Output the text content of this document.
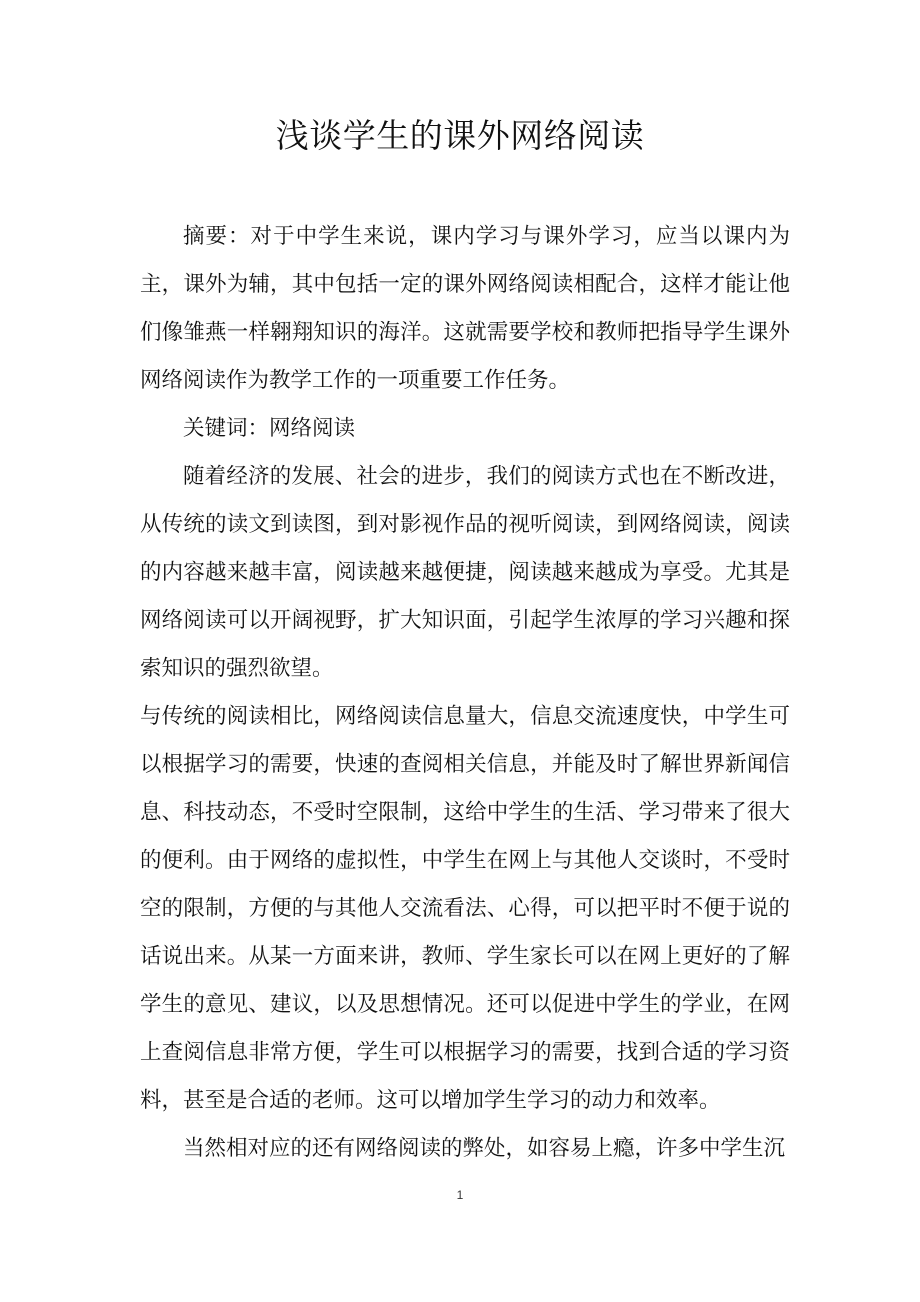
浅谈学生的课外网络阅读

摘要：对于中学生来说，课内学习与课外学习，应当以课内为主，课外为辅，其中包括一定的课外网络阅读相配合，这样才能让他们像雏燕一样翱翔知识的海洋。这就需要学校和教师把指导学生课外网络阅读作为教学工作的一项重要工作任务。

关键词：网络阅读

随着经济的发展、社会的进步，我们的阅读方式也在不断改进，从传统的读文到读图，到对影视作品的视听阅读，到网络阅读，阅读的内容越来越丰富，阅读越来越便捷，阅读越来越成为享受。尤其是网络阅读可以开阔视野，扩大知识面，引起学生浓厚的学习兴趣和探索知识的强烈欲望。

与传统的阅读相比，网络阅读信息量大，信息交流速度快，中学生可以根据学习的需要，快速的查阅相关信息，并能及时了解世界新闻信息、科技动态，不受时空限制，这给中学生的生活、学习带来了很大的便利。由于网络的虚拟性，中学生在网上与其他人交谈时，不受时空的限制，方便的与其他人交流看法、心得，可以把平时不便于说的话说出来。从某一方面来讲，教师、学生家长可以在网上更好的了解学生的意见、建议，以及思想情况。还可以促进中学生的学业，在网上查阅信息非常方便，学生可以根据学习的需要，找到合适的学习资料，甚至是合适的老师。这可以增加学生学习的动力和效率。

当然相对应的还有网络阅读的弊处，如容易上瘾，许多中学生沉

1
